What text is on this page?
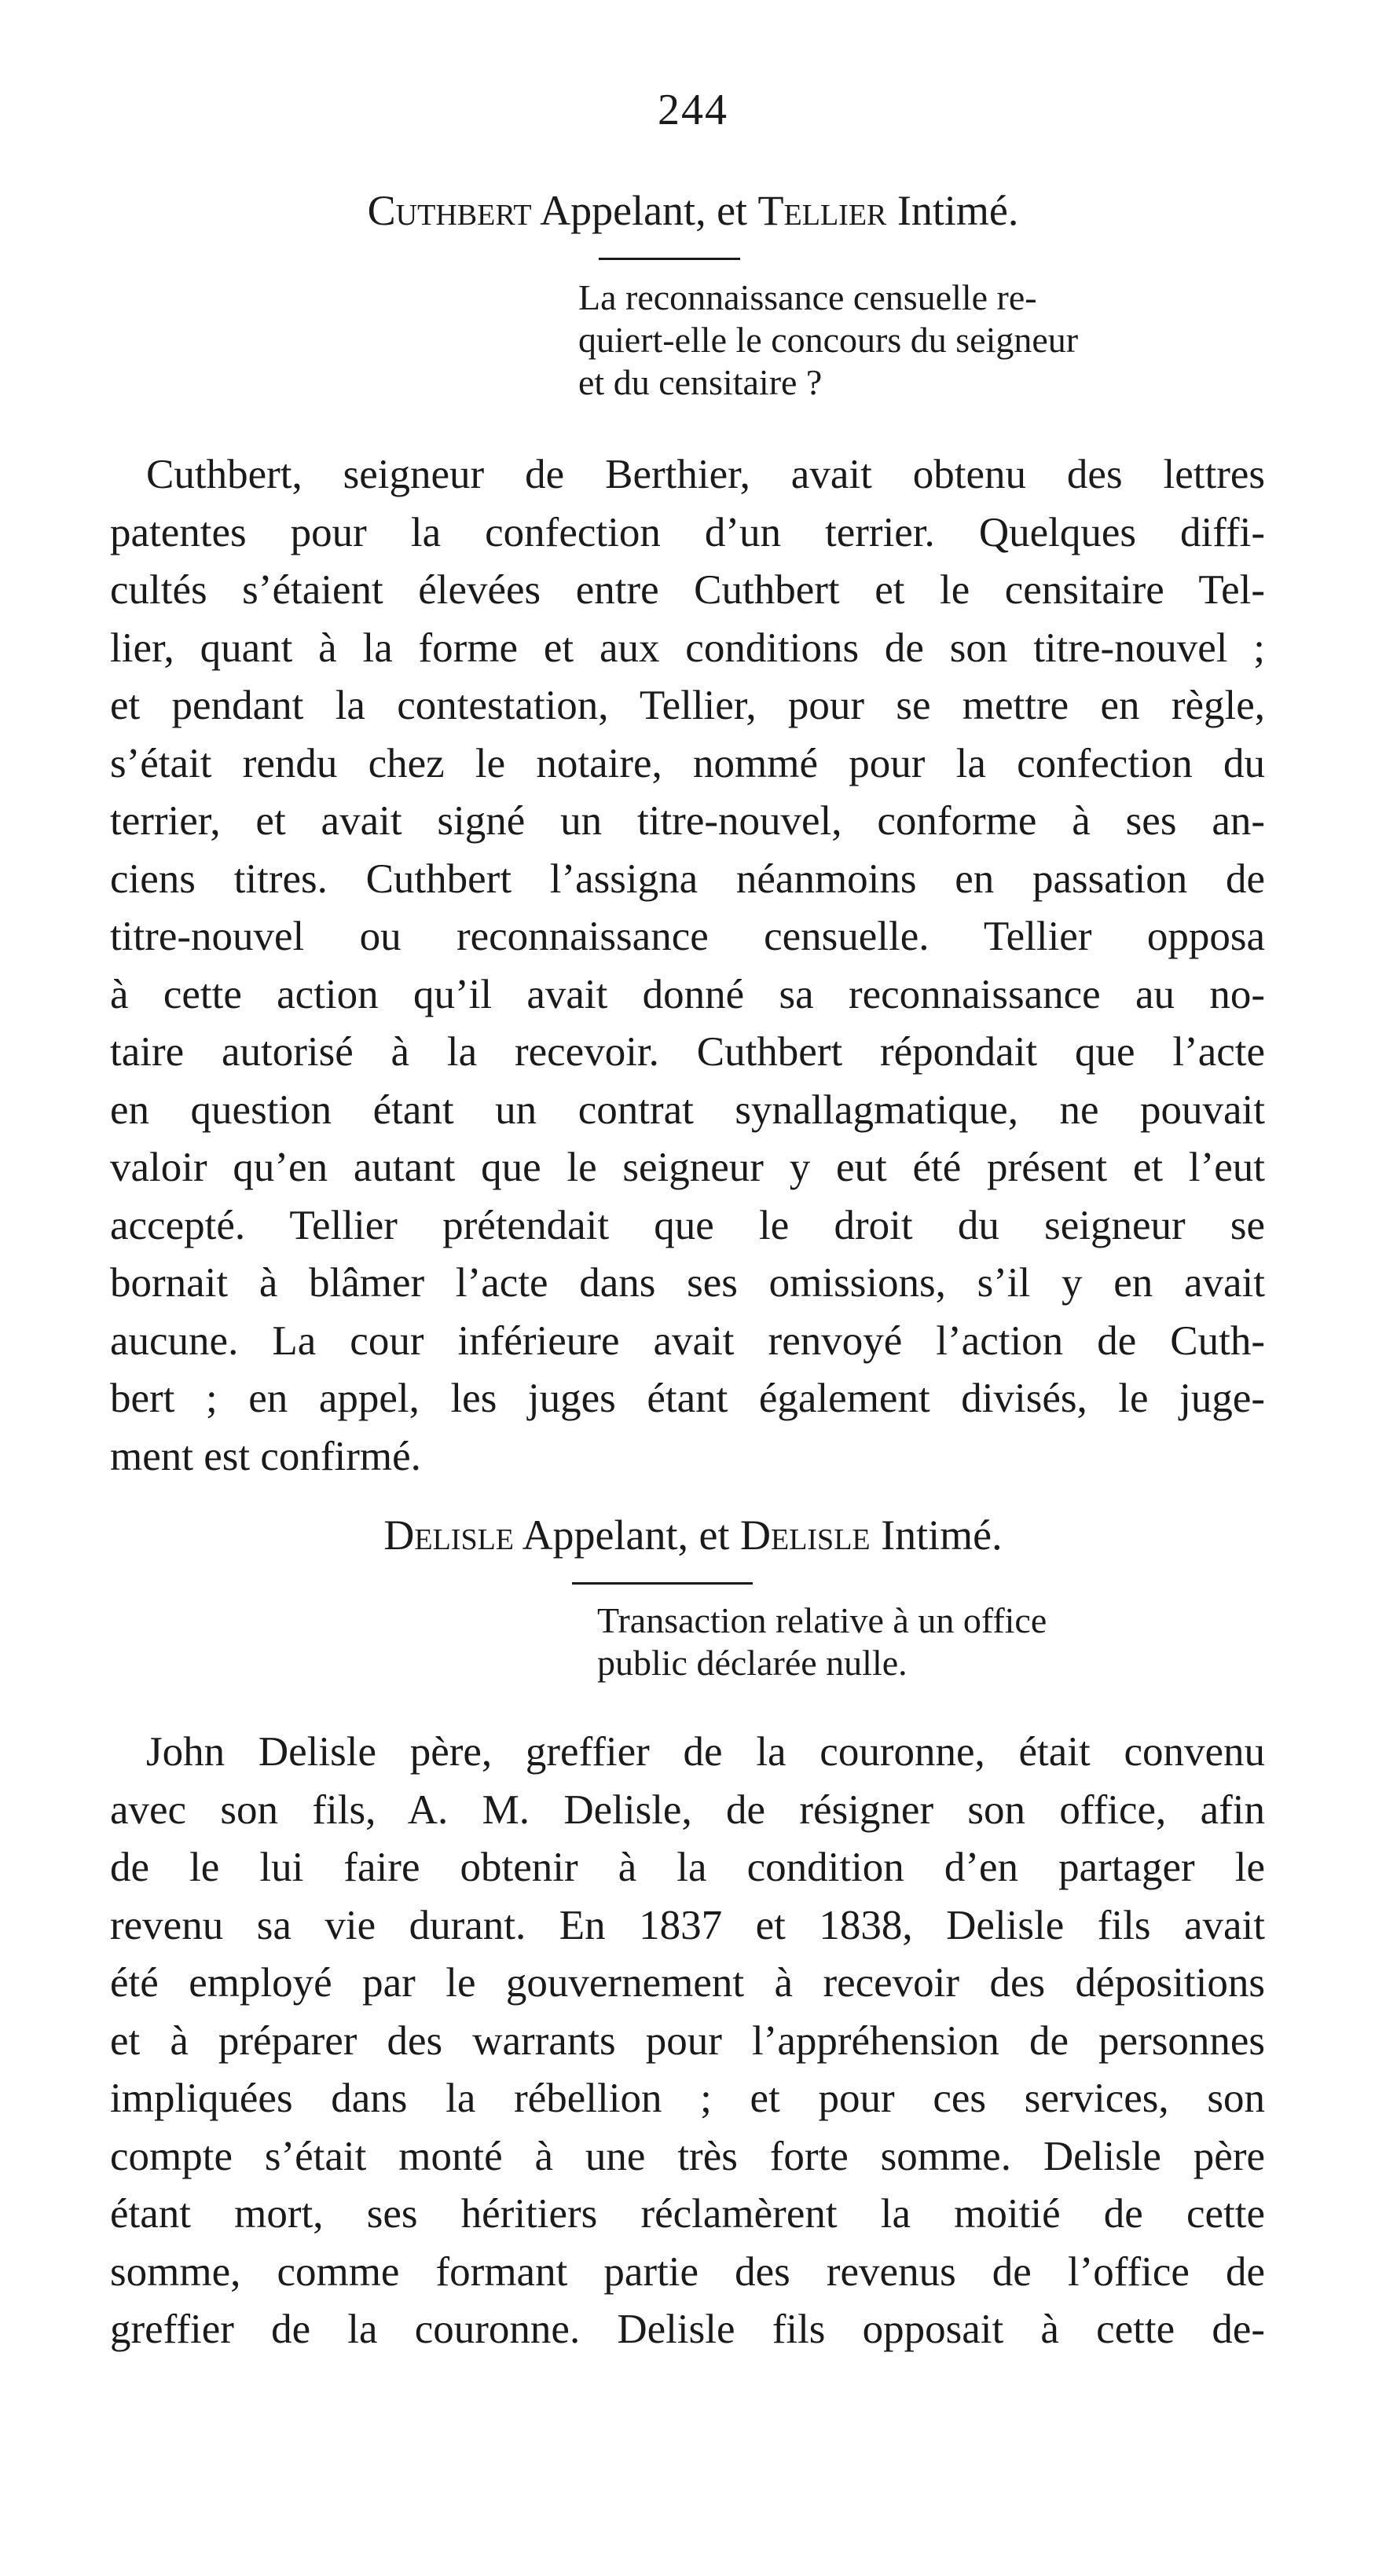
244
Cuthbert Appelant, et Tellier Intimé.
La reconnaissance censuelle re-
quiert-elle le concours du seigneur
et du censitaire ?
Cuthbert, seigneur de Berthier, avait obtenu des lettres
patentes pour la confection d’un terrier. Quelques diffi-
cultés s’étaient élevées entre Cuthbert et le censitaire Tel-
lier, quant à la forme et aux conditions de son titre-nouvel ;
et pendant la contestation, Tellier, pour se mettre en règle,
s’était rendu chez le notaire, nommé pour la confection du
terrier, et avait signé un titre-nouvel, conforme à ses an-
ciens titres. Cuthbert l’assigna néanmoins en passation de
titre-nouvel ou reconnaissance censuelle. Tellier opposa
à cette action qu’il avait donné sa reconnaissance au no-
taire autorisé à la recevoir. Cuthbert répondait que l’acte
en question étant un contrat synallagmatique, ne pouvait
valoir qu’en autant que le seigneur y eut été présent et l’eut
accepté. Tellier prétendait que le droit du seigneur se
bornait à blâmer l’acte dans ses omissions, s’il y en avait
aucune. La cour inférieure avait renvoyé l’action de Cuth-
bert ; en appel, les juges étant également divisés, le juge-
ment est confirmé.
Delisle Appelant, et Delisle Intimé.
Transaction relative à un office
public déclarée nulle.
John Delisle père, greffier de la couronne, était convenu
avec son fils, A. M. Delisle, de résigner son office, afin
de le lui faire obtenir à la condition d’en partager le
revenu sa vie durant. En 1837 et 1838, Delisle fils avait
été employé par le gouvernement à recevoir des dépositions
et à préparer des warrants pour l’appréhension de personnes
impliquées dans la rébellion ; et pour ces services, son
compte s’était monté à une très forte somme. Delisle père
étant mort, ses héritiers réclamèrent la moitié de cette
somme, comme formant partie des revenus de l’office de
greffier de la couronne. Delisle fils opposait à cette de-
